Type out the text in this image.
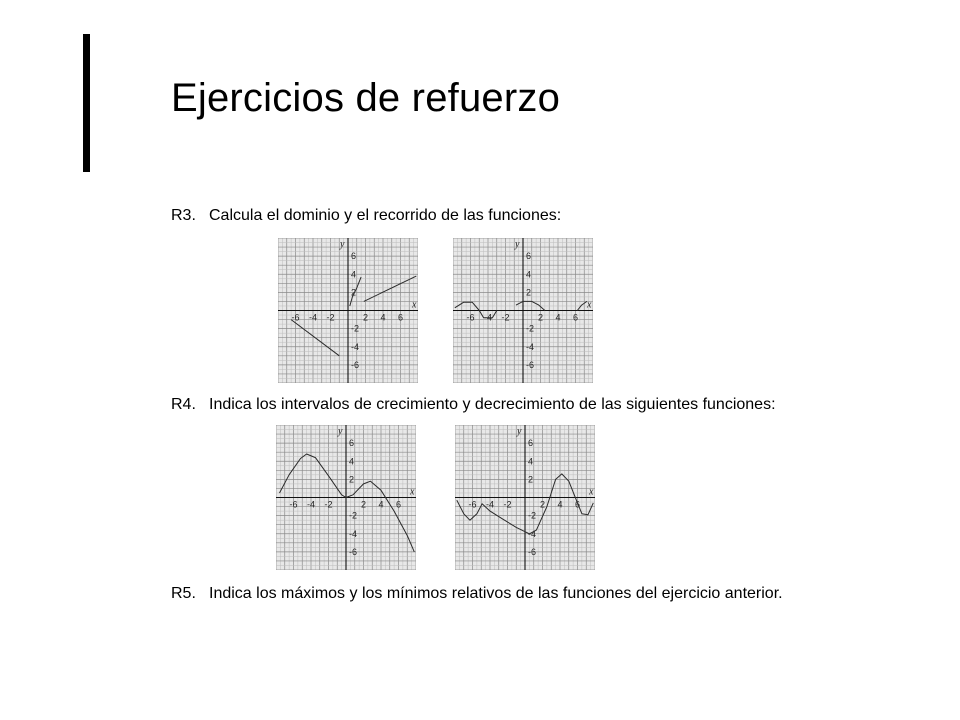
Ejercicios de refuerzo
R3. Calcula el dominio y el recorrido de las funciones:
-6 -4 -2	2 4 6
6
4
2
-2
-4
-6
x
y
-6 -4 -2	2 4 6
6
4
2
-2
-4
-6
x
y
R4. Indica los intervalos de crecimiento y decrecimiento de las siguientes funciones:
-6 -4 -2	2 4 6
6
4
2
-2
-4
-6
x
y
-6 -4 -2	2 4 6
6
4
2
-2
-4
-6
x
y
R5. Indica los máximos y los mínimos relativos de las funciones del ejercicio anterior.
